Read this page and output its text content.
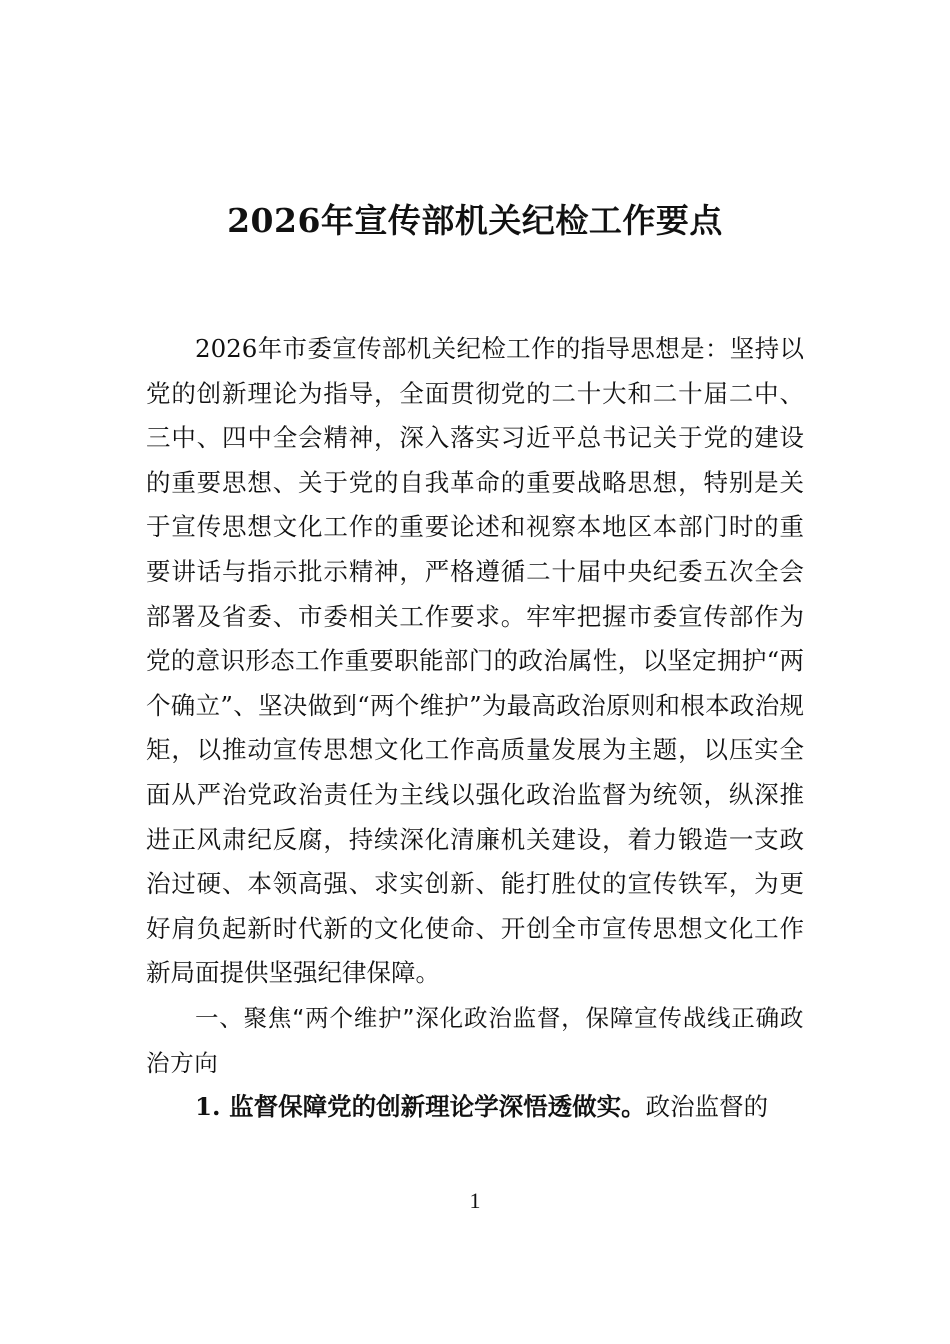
2026年宣传部机关纪检工作要点

2026年市委宣传部机关纪检工作的指导思想是：坚持以党的创新理论为指导，全面贯彻党的二十大和二十届二中、三中、四中全会精神，深入落实习近平总书记关于党的建设的重要思想、关于党的自我革命的重要战略思想，特别是关于宣传思想文化工作的重要论述和视察本地区本部门时的重要讲话与指示批示精神，严格遵循二十届中央纪委五次全会部署及省委、市委相关工作要求。牢牢把握市委宣传部作为党的意识形态工作重要职能部门的政治属性，以坚定拥护“两个确立”、坚决做到“两个维护”为最高政治原则和根本政治规矩，以推动宣传思想文化工作高质量发展为主题，以压实全面从严治党政治责任为主线以强化政治监督为统领，纵深推进正风肃纪反腐，持续深化清廉机关建设，着力锻造一支政治过硬、本领高强、求实创新、能打胜仗的宣传铁军，为更好肩负起新时代新的文化使命、开创全市宣传思想文化工作新局面提供坚强纪律保障。

一、聚焦“两个维护”深化政治监督，保障宣传战线正确政治方向

1. 监督保障党的创新理论学深悟透做实。政治监督的

1
